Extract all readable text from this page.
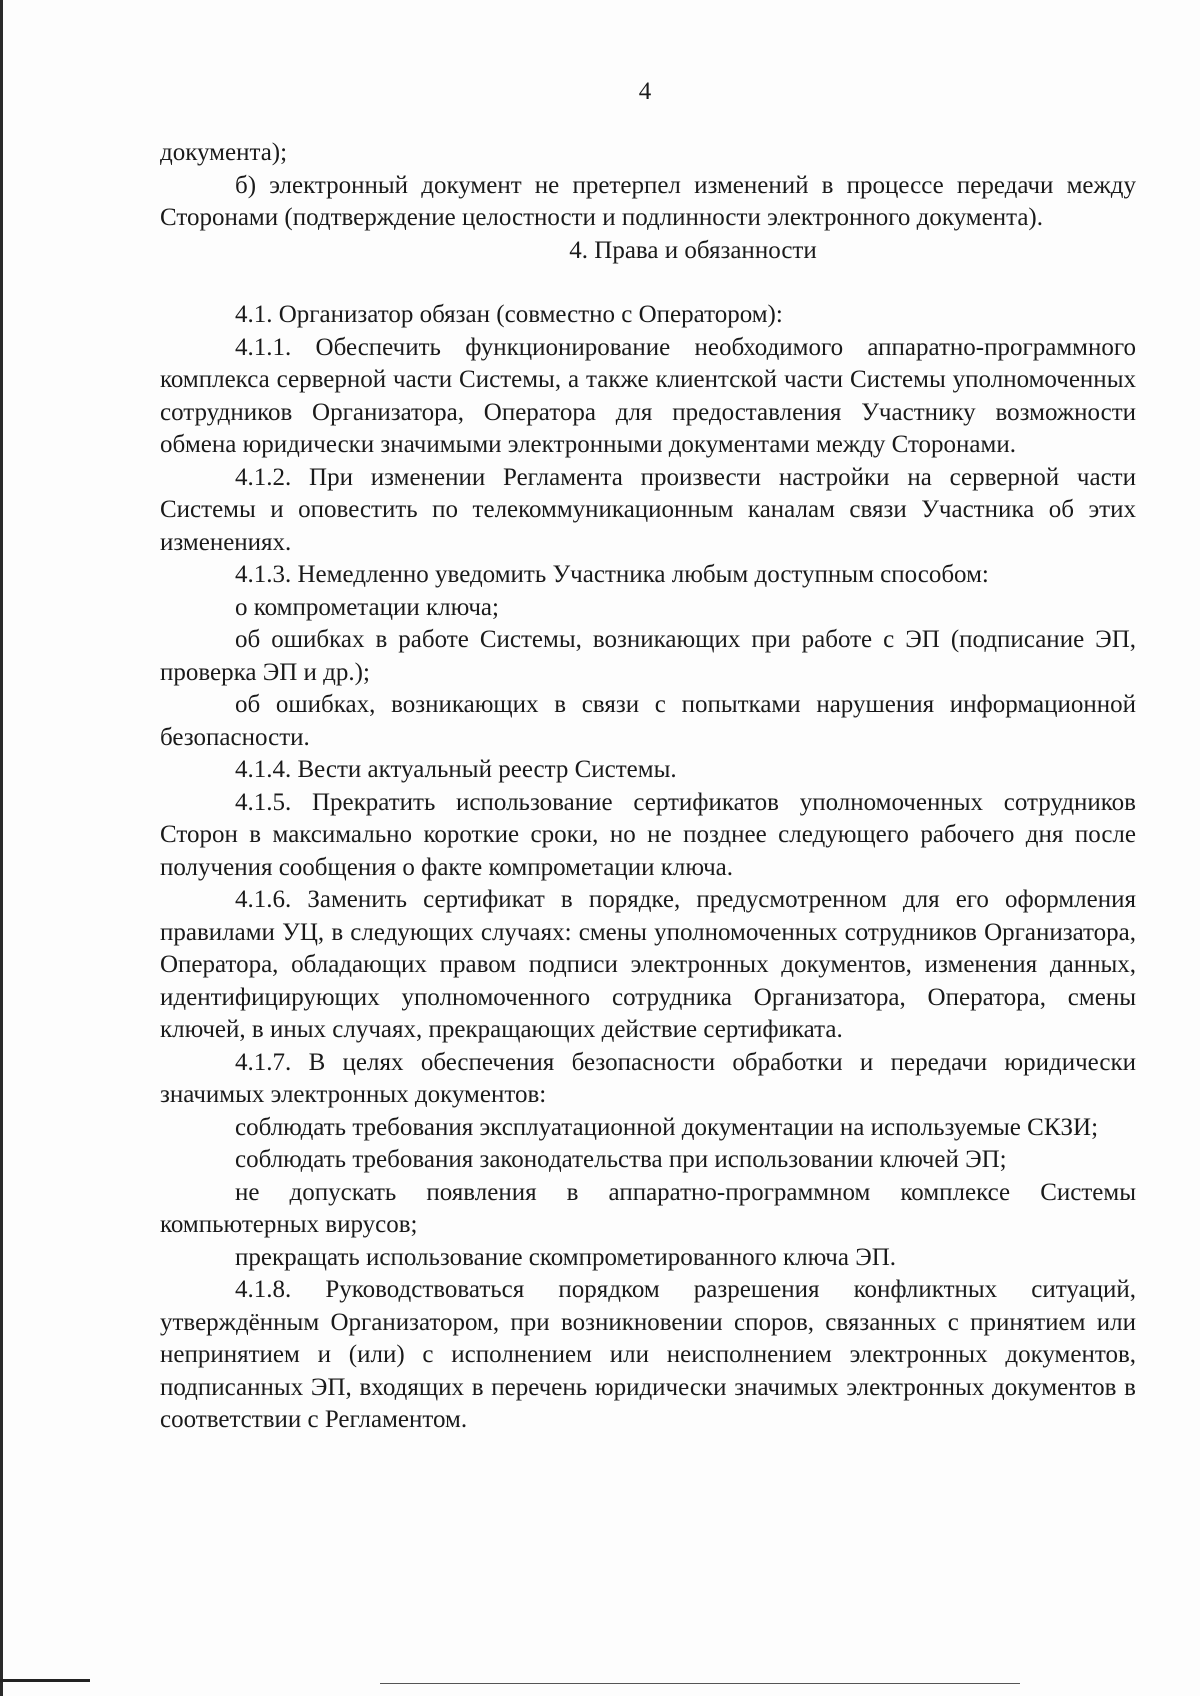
4

документа);

б) электронный документ не претерпел изменений в процессе передачи между Сторонами (подтверждение целостности и подлинности электронного документа).

4. Права и обязанности

4.1. Организатор обязан (совместно с Оператором):

4.1.1. Обеспечить функционирование необходимого аппаратно-программного комплекса серверной части Системы, а также клиентской части Системы уполномоченных сотрудников Организатора, Оператора для предоставления Участнику возможности обмена юридически значимыми электронными документами между Сторонами.

4.1.2. При изменении Регламента произвести настройки на серверной части Системы и оповестить по телекоммуникационным каналам связи Участника об этих изменениях.

4.1.3. Немедленно уведомить Участника любым доступным способом:

о компрометации ключа;

об ошибках в работе Системы, возникающих при работе с ЭП (подписание ЭП, проверка ЭП и др.);

об ошибках, возникающих в связи с попытками нарушения информационной безопасности.

4.1.4. Вести актуальный реестр Системы.

4.1.5. Прекратить использование сертификатов уполномоченных сотрудников Сторон в максимально короткие сроки, но не позднее следующего рабочего дня после получения сообщения о факте компрометации ключа.

4.1.6. Заменить сертификат в порядке, предусмотренном для его оформления правилами УЦ, в следующих случаях: смены уполномоченных сотрудников Организатора, Оператора, обладающих правом подписи электронных документов, изменения данных, идентифицирующих уполномоченного сотрудника Организатора, Оператора, смены ключей, в иных случаях, прекращающих действие сертификата.

4.1.7. В целях обеспечения безопасности обработки и передачи юридически значимых электронных документов:

соблюдать требования эксплуатационной документации на используемые СКЗИ;

соблюдать требования законодательства при использовании ключей ЭП;

не допускать появления в аппаратно-программном комплексе Системы компьютерных вирусов;

прекращать использование скомпрометированного ключа ЭП.

4.1.8. Руководствоваться порядком разрешения конфликтных ситуаций, утверждённым Организатором, при возникновении споров, связанных с принятием или непринятием и (или) с исполнением или неисполнением электронных документов, подписанных ЭП, входящих в перечень юридически значимых электронных документов в соответствии с Регламентом.
